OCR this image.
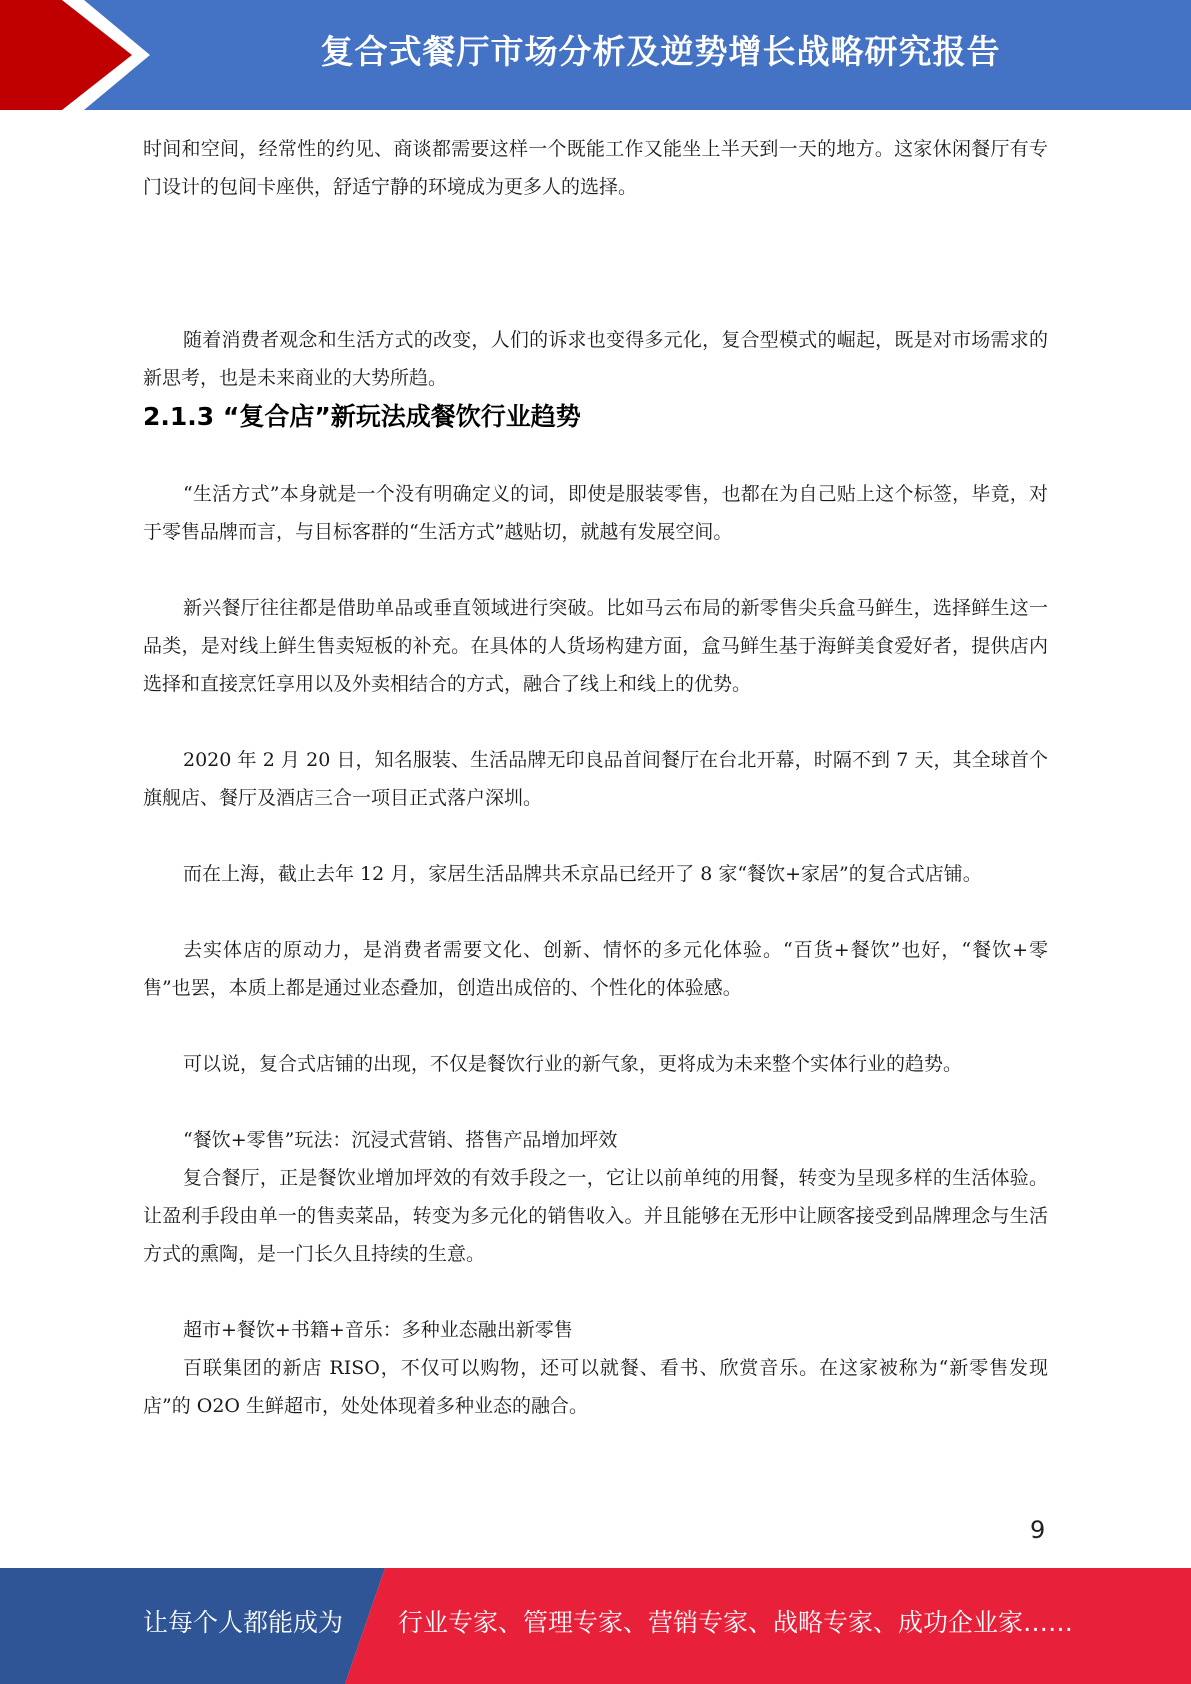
复合式餐厅市场分析及逆势增长战略研究报告

时间和空间，经常性的约见、商谈都需要这样一个既能工作又能坐上半天到一天的地方。这家休闲餐厅有专门设计的包间卡座供，舒适宁静的环境成为更多人的选择。

随着消费者观念和生活方式的改变，人们的诉求也变得多元化，复合型模式的崛起，既是对市场需求的新思考，也是未来商业的大势所趋。

2.1.3 “复合店”新玩法成餐饮行业趋势

“生活方式”本身就是一个没有明确定义的词，即使是服装零售，也都在为自己贴上这个标签，毕竟，对于零售品牌而言，与目标客群的“生活方式”越贴切，就越有发展空间。

新兴餐厅往往都是借助单品或垂直领域进行突破。比如马云布局的新零售尖兵盒马鲜生，选择鲜生这一品类，是对线上鲜生售卖短板的补充。在具体的人货场构建方面，盒马鲜生基于海鲜美食爱好者，提供店内选择和直接烹饪享用以及外卖相结合的方式，融合了线上和线上的优势。

2020 年 2 月 20 日，知名服装、生活品牌无印良品首间餐厅在台北开幕，时隔不到 7 天，其全球首个旗舰店、餐厅及酒店三合一项目正式落户深圳。

而在上海，截止去年 12 月，家居生活品牌共禾京品已经开了 8 家“餐饮+家居”的复合式店铺。

去实体店的原动力，是消费者需要文化、创新、情怀的多元化体验。“百货+餐饮”也好，“餐饮+零售”也罢，本质上都是通过业态叠加，创造出成倍的、个性化的体验感。

可以说，复合式店铺的出现，不仅是餐饮行业的新气象，更将成为未来整个实体行业的趋势。

“餐饮+零售”玩法：沉浸式营销、搭售产品增加坪效

复合餐厅，正是餐饮业增加坪效的有效手段之一，它让以前单纯的用餐，转变为呈现多样的生活体验。让盈利手段由单一的售卖菜品，转变为多元化的销售收入。并且能够在无形中让顾客接受到品牌理念与生活方式的熏陶，是一门长久且持续的生意。

超市+餐饮+书籍+音乐：多种业态融出新零售

百联集团的新店 RISO，不仅可以购物，还可以就餐、看书、欣赏音乐。在这家被称为“新零售发现店”的 O2O 生鲜超市，处处体现着多种业态的融合。

9
让每个人都能成为 行业专家、管理专家、营销专家、战略专家、成功企业家……
